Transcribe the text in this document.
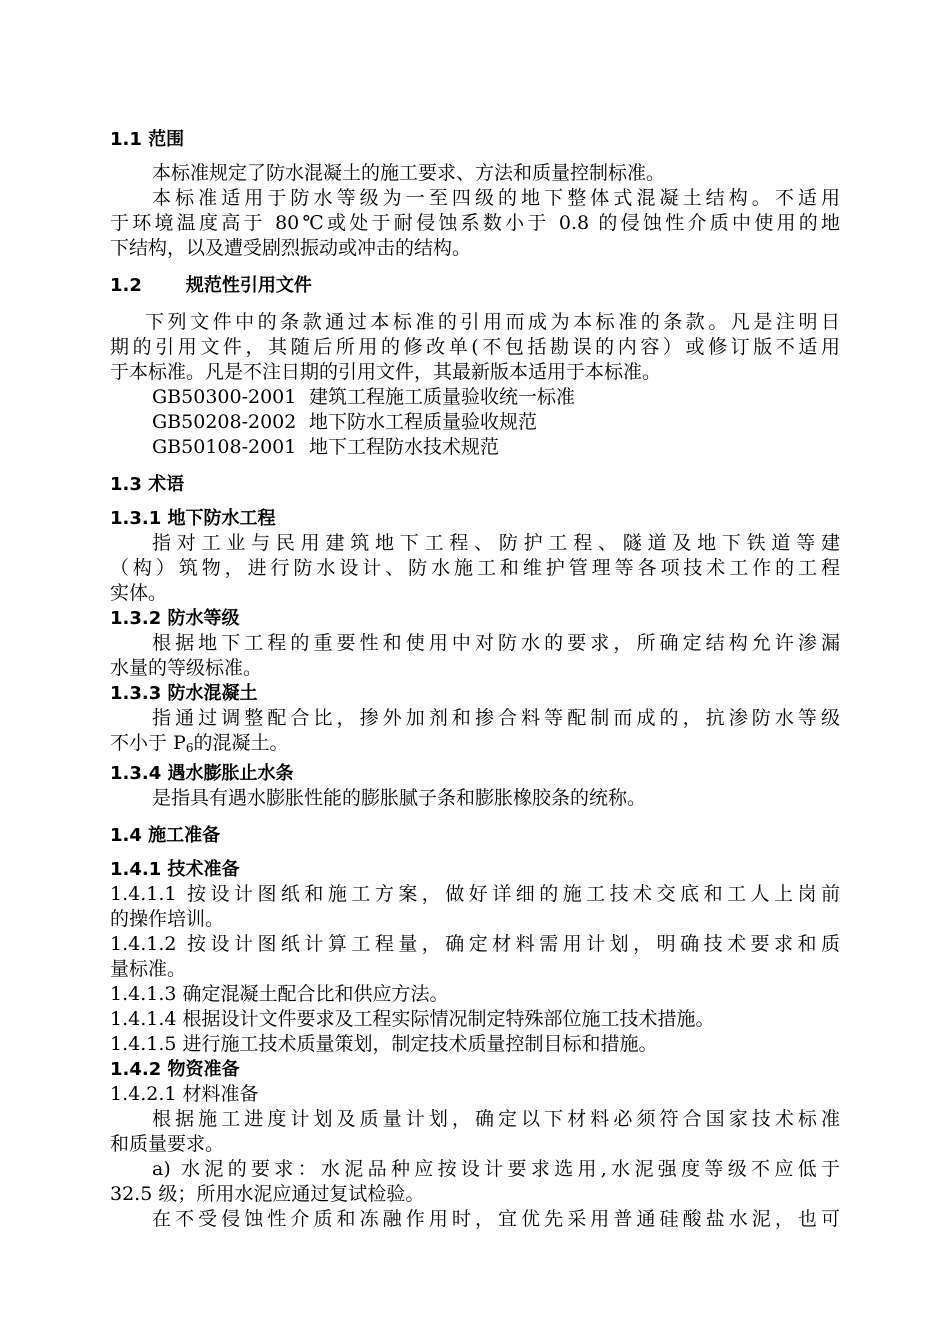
1.1 范围
本标准规定了防水混凝土的施工要求、方法和质量控制标准。
本标准适用于防水等级为一至四级的地下整体式混凝土结构。不适用
于环境温度高于 80℃或处于耐侵蚀系数小于 0.8 的侵蚀性介质中使用的地
下结构，以及遭受剧烈振动或冲击的结构。
1.2 规范性引用文件
下列文件中的条款通过本标准的引用而成为本标准的条款。凡是注明日
期的引用文件，其随后所用的修改单(不包括勘误的内容）或修订版不适用
于本标准。凡是不注日期的引用文件，其最新版本适用于本标准。
GB50300-2001 建筑工程施工质量验收统一标准
GB50208-2002 地下防水工程质量验收规范
GB50108-2001 地下工程防水技术规范
1.3 术语
1.3.1 地下防水工程
指对工业与民用建筑地下工程、防护工程、隧道及地下铁道等建
（构）筑物，进行防水设计、防水施工和维护管理等各项技术工作的工程
实体。
1.3.2 防水等级
根据地下工程的重要性和使用中对防水的要求，所确定结构允许渗漏
水量的等级标准。
1.3.3 防水混凝土
指通过调整配合比，掺外加剂和掺合料等配制而成的，抗渗防水等级
不小于 $P_6$的混凝土。
1.3.4 遇水膨胀止水条
是指具有遇水膨胀性能的膨胀腻子条和膨胀橡胶条的统称。
1.4 施工准备
1.4.1 技术准备
1.4.1.1 按设计图纸和施工方案，做好详细的施工技术交底和工人上岗前
的操作培训。
1.4.1.2 按设计图纸计算工程量，确定材料需用计划，明确技术要求和质
量标准。
1.4.1.3 确定混凝土配合比和供应方法。
1.4.1.4 根据设计文件要求及工程实际情况制定特殊部位施工技术措施。
1.4.1.5 进行施工技术质量策划，制定技术质量控制目标和措施。
1.4.2 物资准备
1.4.2.1 材料准备
根据施工进度计划及质量计划，确定以下材料必须符合国家技术标准
和质量要求。
a) 水泥的要求：水泥品种应按设计要求选用,水泥强度等级不应低于
32.5 级；所用水泥应通过复试检验。
在不受侵蚀性介质和冻融作用时，宜优先采用普通硅酸盐水泥，也可
